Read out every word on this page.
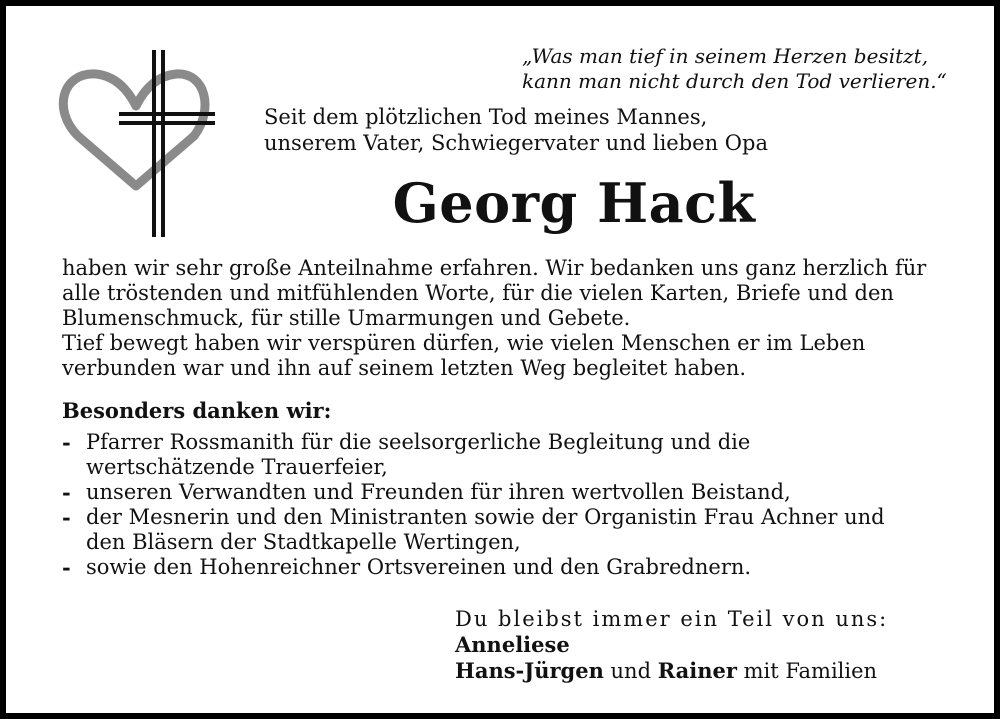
„Was man tief in seinem Herzen besitzt,
kann man nicht durch den Tod verlieren.“
Seit dem plötzlichen Tod meines Mannes,
unserem Vater, Schwiegervater und lieben Opa
Georg Hack
haben wir sehr große Anteilnahme erfahren. Wir bedanken uns ganz herzlich für
alle tröstenden und mitfühlenden Worte, für die vielen Karten, Briefe und den
Blumenschmuck, für stille Umarmungen und Gebete.
Tief bewegt haben wir verspüren dürfen, wie vielen Menschen er im Leben
verbunden war und ihn auf seinem letzten Weg begleitet haben.
Besonders danken wir:
- Pfarrer Rossmanith für die seelsorgerliche Begleitung und die
wertschätzende Trauerfeier,
- unseren Verwandten und Freunden für ihren wertvollen Beistand,
- der Mesnerin und den Ministranten sowie der Organistin Frau Achner und
den Bläsern der Stadtkapelle Wertingen,
- sowie den Hohenreichner Ortsvereinen und den Grabrednern.
Du bleibst immer ein Teil von uns:
Anneliese
Hans-Jürgen und Rainer mit Familien
